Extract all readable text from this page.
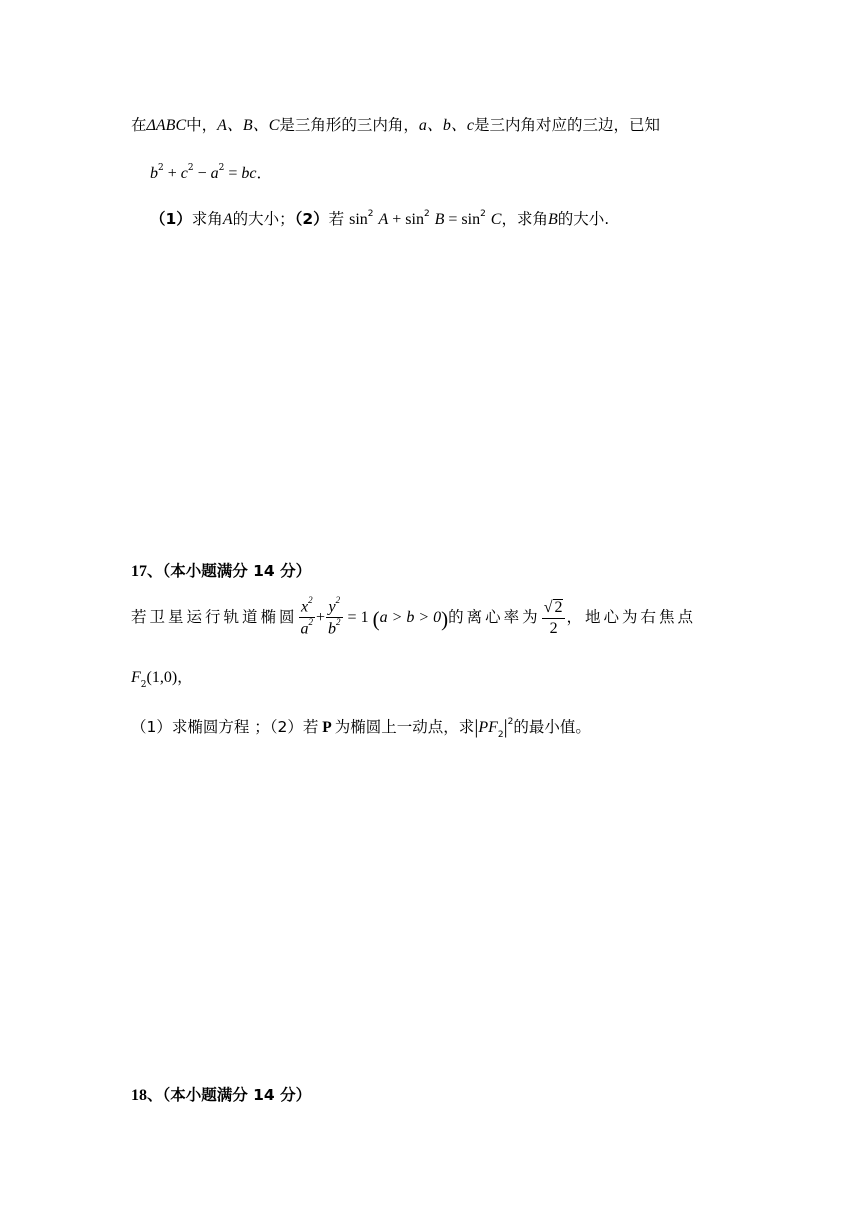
在ΔABC中，A、B、C是三角形的三内角，a、b、c是三内角对应的三边，已知
$b^2 + c^2 - a^2$ = bc．
（1）求角A的大小；（2）若 $\sin^2 A + \sin^2 B = \sin^2 C$，求角B的大小.
17、（本小题满分 14 分）
若卫星运行轨道椭圆 $\frac{x^2}{a^2} + \frac{y^2}{b^2} = 1$ (a > b > 0)的离心率为 $\frac{√ 2}{2}$ ，地心为右焦点
$F_2(1,0)$，
（1）求椭圆方程 ；（2）若 P 为椭圆上一动点，求$|PF_2|^2$的最小值。
18、（本小题满分 14 分）
